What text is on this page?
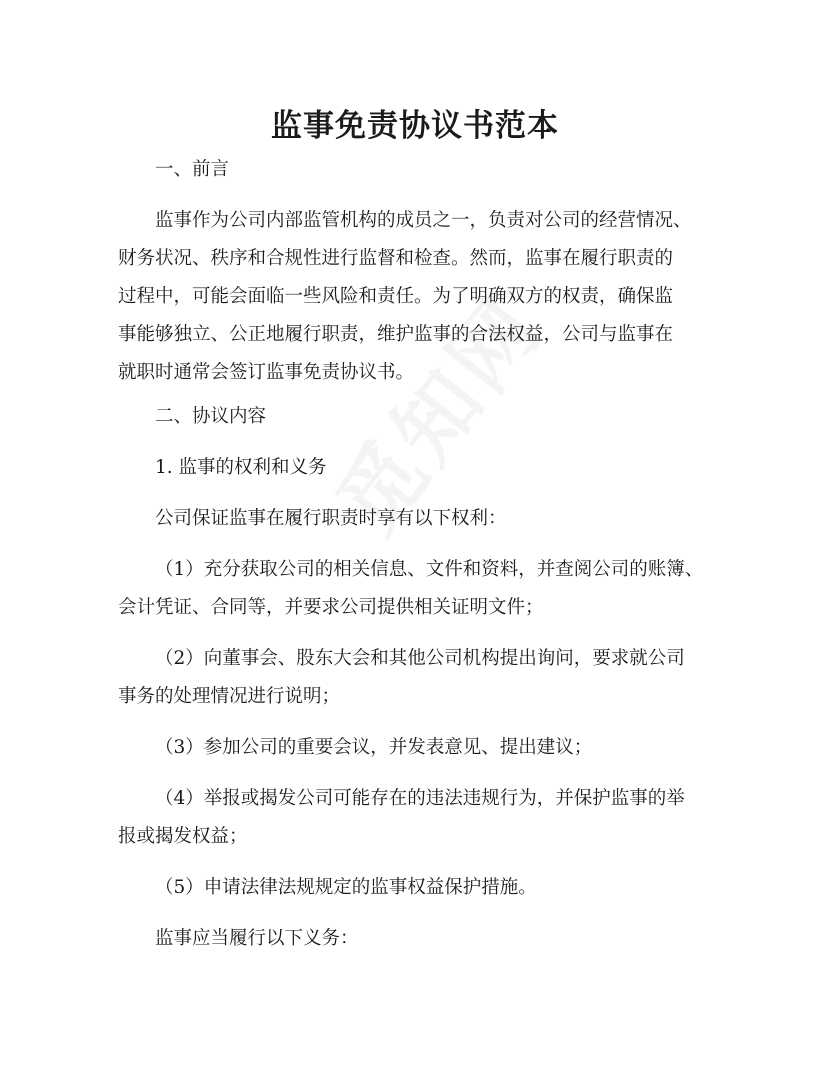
监事免责协议书范本

一、前言

监事作为公司内部监管机构的成员之一，负责对公司的经营情况、
财务状况、秩序和合规性进行监督和检查。然而，监事在履行职责的
过程中，可能会面临一些风险和责任。为了明确双方的权责，确保监
事能够独立、公正地履行职责，维护监事的合法权益，公司与监事在
就职时通常会签订监事免责协议书。

二、协议内容

1. 监事的权利和义务

公司保证监事在履行职责时享有以下权利：

（1）充分获取公司的相关信息、文件和资料，并查阅公司的账簿、
会计凭证、合同等，并要求公司提供相关证明文件；

（2）向董事会、股东大会和其他公司机构提出询问，要求就公司
事务的处理情况进行说明；

（3）参加公司的重要会议，并发表意见、提出建议；

（4）举报或揭发公司可能存在的违法违规行为，并保护监事的举
报或揭发权益；

（5）申请法律法规规定的监事权益保护措施。

监事应当履行以下义务：
